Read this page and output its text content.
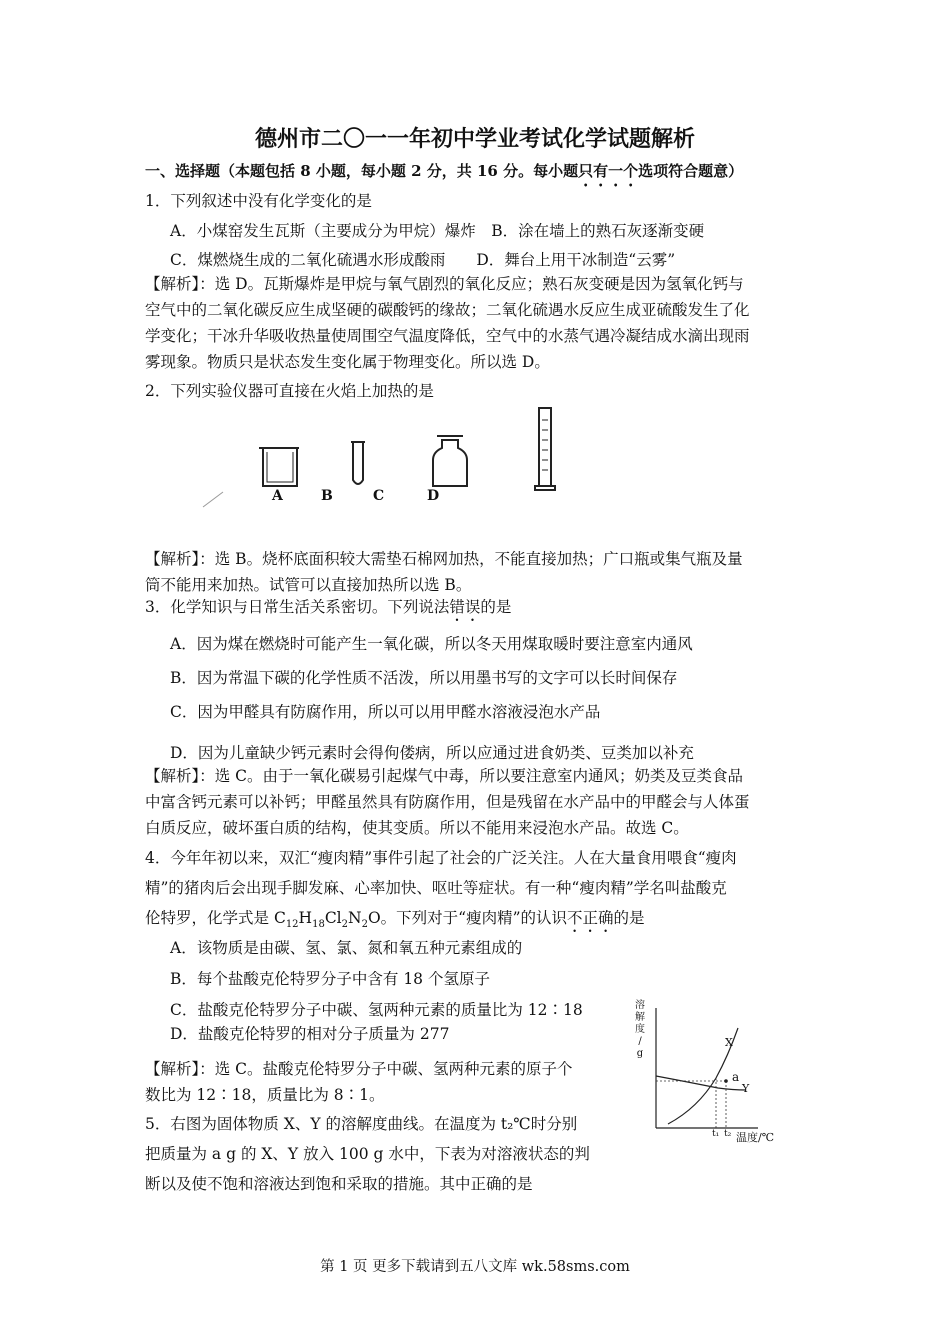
德州市二〇一一年初中学业考试化学试题解析
一、选择题（本题包括 8 小题，每小题 2 分，共 16 分。每小题只有一个选项符合题意）
1．下列叙述中没有化学变化的是
A．小煤窑发生瓦斯（主要成分为甲烷）爆炸　B．涂在墙上的熟石灰逐渐变硬
C．煤燃烧生成的二氧化硫遇水形成酸雨　　D．舞台上用干冰制造“云雾”
【解析】：选 D。瓦斯爆炸是甲烷与氧气剧烈的氧化反应；熟石灰变硬是因为氢氧化钙与
空气中的二氧化碳反应生成坚硬的碳酸钙的缘故；二氧化硫遇水反应生成亚硫酸发生了化
学变化；干冰升华吸收热量使周围空气温度降低，空气中的水蒸气遇冷凝结成水滴出现雨
雾现象。物质只是状态发生变化属于物理变化。所以选 D。
2．下列实验仪器可直接在火焰上加热的是
A	B	C	D
【解析】：选 B。烧杯底面积较大需垫石棉网加热，不能直接加热；广口瓶或集气瓶及量
筒不能用来加热。试管可以直接加热所以选 B。
3．化学知识与日常生活关系密切。下列说法错误的是
A．因为煤在燃烧时可能产生一氧化碳，所以冬天用煤取暖时要注意室内通风
B．因为常温下碳的化学性质不活泼，所以用墨书写的文字可以长时间保存
C．因为甲醛具有防腐作用，所以可以用甲醛水溶液浸泡水产品
D．因为儿童缺少钙元素时会得佝偻病，所以应通过进食奶类、豆类加以补充
【解析】：选 C。由于一氧化碳易引起煤气中毒，所以要注意室内通风；奶类及豆类食品
中富含钙元素可以补钙；甲醛虽然具有防腐作用，但是残留在水产品中的甲醛会与人体蛋
白质反应，破坏蛋白质的结构，使其变质。所以不能用来浸泡水产品。故选 C。
4．今年年初以来，双汇“瘦肉精”事件引起了社会的广泛关注。人在大量食用喂食“瘦肉
精”的猪肉后会出现手脚发麻、心率加快、呕吐等症状。有一种“瘦肉精”学名叫盐酸克
伦特罗，化学式是 $C_{12}H_{18}Cl_2N_2O$。下列对于“瘦肉精”的认识不正确的是
A．该物质是由碳、氢、氯、氮和氧五种元素组成的
B．每个盐酸克伦特罗分子中含有 18 个氢原子
C．盐酸克伦特罗分子中碳、氢两种元素的质量比为 12∶18
D．盐酸克伦特罗的相对分子质量为 277
【解析】：选 C。盐酸克伦特罗分子中碳、氢两种元素的原子个
数比为 12∶18，质量比为 8∶1。
5．右图为固体物质 X、Y 的溶解度曲线。在温度为 t₂℃时分别
把质量为 a g 的 X、Y 放入 100 g 水中，下表为对溶液状态的判
断以及使不饱和溶液达到饱和采取的措施。其中正确的是
溶
解
度
/
g
X
a
Y
t₁ t₂ 温度/℃
第 1 页 更多下载请到五八文库 wk.58sms.com
